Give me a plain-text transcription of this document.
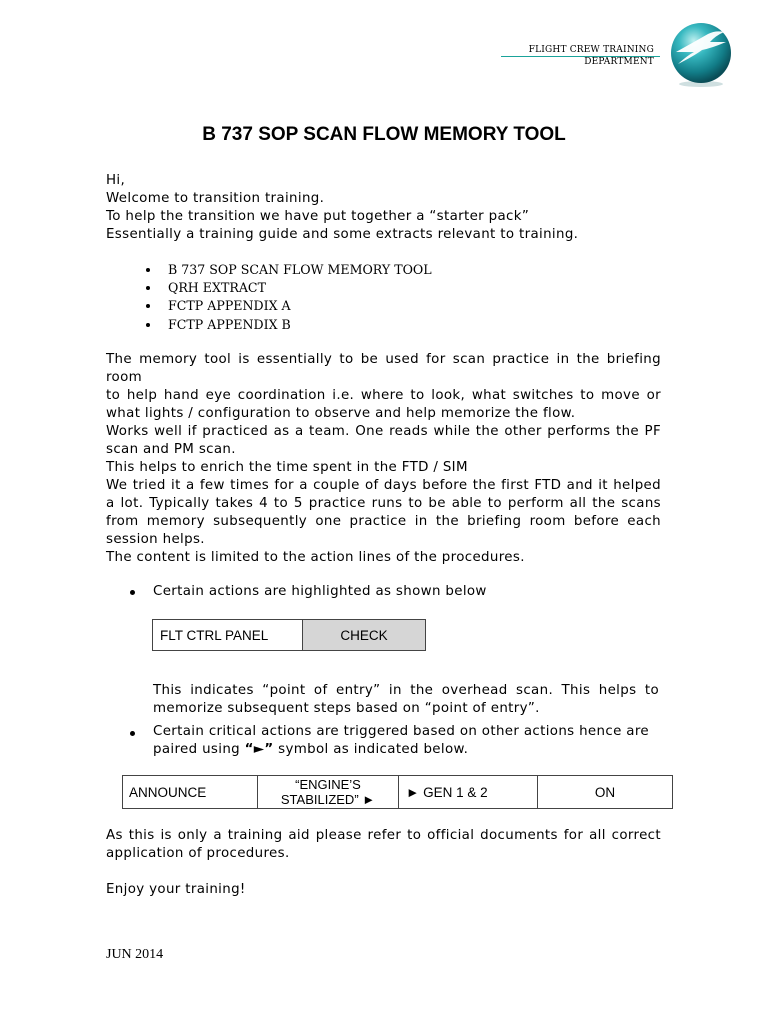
FLIGHT CREW TRAINING
DEPARTMENT
B 737 SOP SCAN FLOW MEMORY TOOL

Hi,

Welcome to transition training.

To help the transition we have put together a “starter pack”

Essentially a training guide and some extracts relevant to training.

B 737 SOP SCAN FLOW MEMORY TOOL
QRH EXTRACT
FCTP APPENDIX A
FCTP APPENDIX B

The memory tool is essentially to be used for scan practice in the briefing room

to help hand eye coordination i.e. where to look, what switches to move or what lights / configuration to observe and help memorize the flow.

Works well if practiced as a team. One reads while the other performs the PF scan and PM scan.

This helps to enrich the time spent in the FTD / SIM

We tried it a few times for a couple of days before the first FTD and it helped a lot. Typically takes 4 to 5 practice runs to be able to perform all the scans from memory subsequently one practice in the briefing room before each session helps.

The content is limited to the action lines of the procedures.

Certain actions are highlighted as shown below
FLT CTRL PANEL	CHECK

This indicates “point of entry” in the overhead scan. This helps to memorize subsequent steps based on “point of entry”.

Certain critical actions are triggered based on other actions hence are paired using “►” symbol as indicated below.
ANNOUNCE	“ENGINE’S
STABILIZED” ►	► GEN 1 & 2	ON

As this is only a training aid please refer to official documents for all correct application of procedures.

Enjoy your training!
JUN 2014
